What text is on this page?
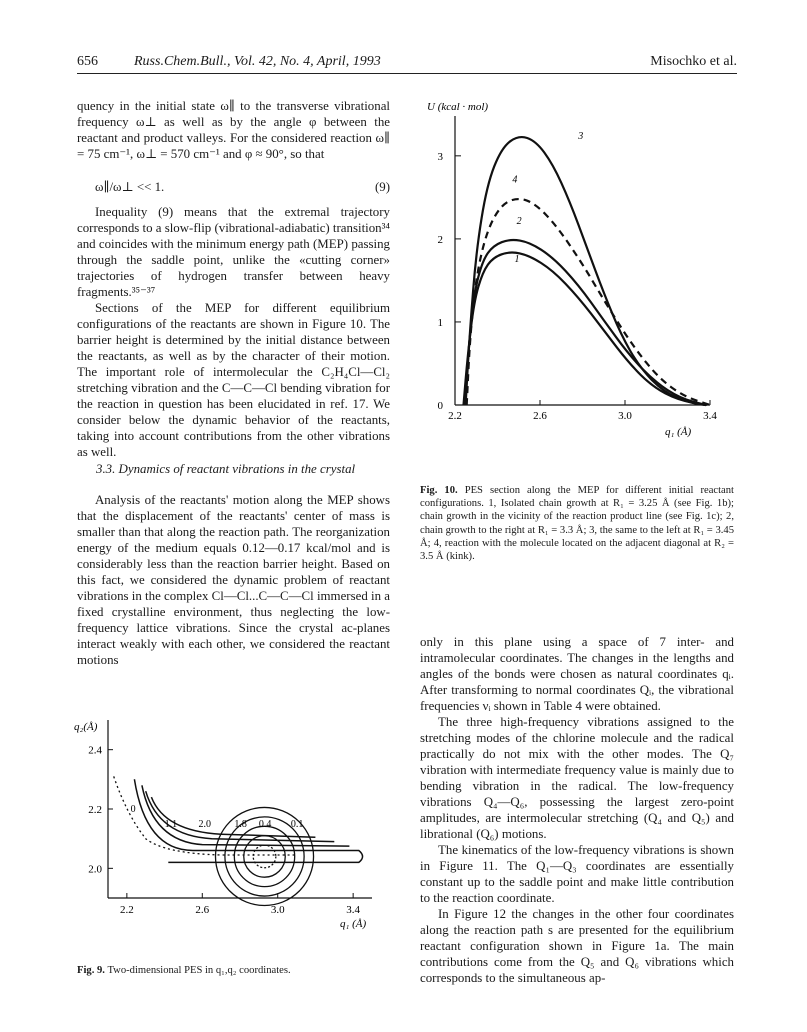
656	Russ.Chem.Bull., Vol. 42, No. 4, April, 1993	Misochko et al.

quency in the initial state ω∥ to the transverse vibrational frequency ω⊥ as well as by the angle φ between the reactant and product valleys. For the considered reaction ω∥ = 75 cm⁻¹, ω⊥ = 570 cm⁻¹ and φ ≈ 90°, so that

ω∥/ω⊥ << 1.	(9)

Inequality (9) means that the extremal trajectory corresponds to a slow-flip (vibrational-adiabatic) transition³⁴ and coincides with the minimum energy path (MEP) passing through the saddle point, unlike the «cutting corner» trajectories of hydrogen transfer between heavy fragments.³⁵⁻³⁷

Sections of the MEP for different equilibrium configurations of the reactants are shown in Figure 10. The barrier height is determined by the initial distance between the reactants, as well as by the character of their motion. The important role of intermolecular the C₂H₄Cl—Cl₂ stretching vibration and the C—C—Cl bending vibration for the reaction in question has been elucidated in ref. 17. We consider below the dynamic behavior of the reactants, taking into account contributions from the other vibrations as well.

3.3. Dynamics of reactant vibrations in the crystal

Analysis of the reactants' motion along the MEP shows that the displacement of the reactants' center of mass is smaller than that along the reaction path. The reorganization energy of the medium equals 0.12—0.17 kcal/mol and is considerably less than the reaction barrier height. Based on this fact, we considered the dynamic problem of reactant vibrations in the complex Cl—Cl...C—C—Cl immersed in a fixed crystalline environment, thus neglecting the low-frequency lattice vibrations. Since the crystal ac-planes interact weakly with each other, we considered the reactant motions

only in this plane using a space of 7 inter- and intramolecular coordinates. The changes in the lengths and angles of the bonds were chosen as natural coordinates qᵢ. After transforming to normal coordinates Qᵢ, the vibrational frequencies νᵢ shown in Table 4 were obtained.

The three high-frequency vibrations assigned to the stretching modes of the chlorine molecule and the radical practically do not mix with the other modes. The Q₇ vibration with intermediate frequency value is mainly due to bending vibration in the radical. The low-frequency vibrations Q₄—Q₆, possessing the largest zero-point amplitudes, are intermolecular stretching (Q₄ and Q₅) and librational (Q₆) motions.

The kinematics of the low-frequency vibrations is shown in Figure 11. The Q₁—Q₃ coordinates are essentially constant up to the saddle point and make little contribution to the reaction coordinate.

In Figure 12 the changes in the other four coordinates along the reaction path s are presented for the equilibrium reactant configuration shown in Figure 1a. The main contributions come from the Q₅ and Q₆ vibrations which corresponds to the simultaneous ap-

Fig. 10. PES section along the MEP for different initial reactant configurations. 1, Isolated chain growth at R₁ = 3.25 Å (see Fig. 1b); chain growth in the vicinity of the reaction product line (see Fig. 1c); 2, chain growth to the right at R₁ = 3.3 Å; 3, the same to the left at R₁ = 3.45 Å; 4, reaction with the molecule located on the adjacent diagonal at R₂ = 3.5 Å (kink).
Fig. 9. Two-dimensional PES in q₁,q₂ coordinates.
0
1
2
3
2.2	2.6	3.0	3.4
U (kcal · mol)
q₁ (Å)
1
2
3
4
2.0
2.2
2.4
2.2	2.6	3.0	3.4
q₂(Å)
q₁ (Å)
0
1.1 2.0 1.8 0.4 0.1
